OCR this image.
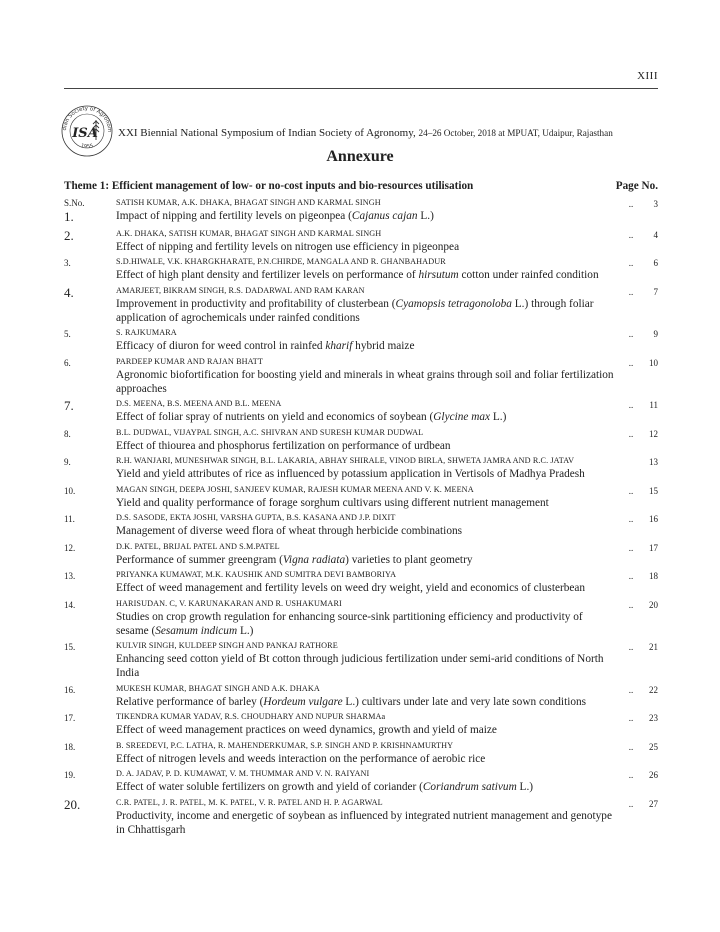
XIII
dian Society of Agronom
1955
ISA XXI Biennial National Symposium of Indian Society of Agronomy, 24–26 October, 2018 at MPUAT, Udaipur, Rajasthan
Annexure
Theme 1: Efficient management of low- or no-cost inputs and bio-resources utilisation	Page No.
S.No.
1.
SATISH KUMAR, A.K. DHAKA, BHAGAT SINGH AND KARMAL SINGH
Impact of nipping and fertility levels on pigeonpea (Cajanus cajan L.)
..	3
2.	A.K. DHAKA, SATISH KUMAR, BHAGAT SINGH AND KARMAL SINGH
Effect of nipping and fertility levels on nitrogen use efficiency in pigeonpea
..	4
3.	S.D.HIWALE, V.K. KHARGKHARATE, P.N.CHIRDE, MANGALA AND R. GHANBAHADUR
Effect of high plant density and fertilizer levels on performance of hirsutum cotton under rainfed condition
..	6
4.	AMARJEET, BIKRAM SINGH, R.S. DADARWAL AND RAM KARAN
Improvement in productivity and profitability of clusterbean (Cyamopsis tetragonoloba L.) through foliar application of agrochemicals under rainfed conditions
..	7
5.	S. RAJKUMARA
Efficacy of diuron for weed control in rainfed kharif hybrid maize
..	9
6.	PARDEEP KUMAR AND RAJAN BHATT
Agronomic biofortification for boosting yield and minerals in wheat grains through soil and foliar fertilization approaches
..	10
7.	D.S. MEENA, B.S. MEENA AND B.L. MEENA
Effect of foliar spray of nutrients on yield and economics of soybean (Glycine max L.)
..	11
8.	B.L. DUDWAL, VIJAYPAL SINGH, A.C. SHIVRAN AND SURESH KUMAR DUDWAL
Effect of thiourea and phosphorus fertilization on performance of urdbean
..	12
9.	R.H. WANJARI, MUNESHWAR SINGH, B.L. LAKARIA, ABHAY SHIRALE, VINOD BIRLA, SHWETA JAMRA AND R.C. JATAV
Yield and yield attributes of rice as influenced by potassium application in Vertisols of Madhya Pradesh
13
10.	MAGAN SINGH, DEEPA JOSHI, SANJEEV KUMAR, RAJESH KUMAR MEENA AND V. K. MEENA
Yield and quality performance of forage sorghum cultivars using different nutrient management
..	15
11.	D.S. SASODE, EKTA JOSHI, VARSHA GUPTA, B.S. KASANA AND J.P. DIXIT
Management of diverse weed flora of wheat through herbicide combinations
..	16
12.	D.K. PATEL, BRIJAL PATEL AND S.M.PATEL
Performance of summer greengram (Vigna radiata) varieties to plant geometry
..	17
13.	PRIYANKA KUMAWAT, M.K. KAUSHIK AND SUMITRA DEVI BAMBORIYA
Effect of weed management and fertility levels on weed dry weight, yield and economics of clusterbean
..	18
14.	HARISUDAN. C, V. KARUNAKARAN AND R. USHAKUMARI
Studies on crop growth regulation for enhancing source-sink partitioning efficiency and productivity of sesame (Sesamum indicum L.)
..	20
15.	KULVIR SINGH, KULDEEP SINGH AND PANKAJ RATHORE
Enhancing seed cotton yield of Bt cotton through judicious fertilization under semi-arid conditions of North India
..	21
16.	MUKESH KUMAR, BHAGAT SINGH AND A.K. DHAKA
Relative performance of barley (Hordeum vulgare L.) cultivars under late and very late sown conditions
..	22
17.	TIKENDRA KUMAR YADAV, R.S. CHOUDHARY AND NUPUR SHARMAa
Effect of weed management practices on weed dynamics, growth and yield of maize
..	23
18.	B. SREEDEVI, P.C. LATHA, R. MAHENDERKUMAR, S.P. SINGH AND P. KRISHNAMURTHY
Effect of nitrogen levels and weeds interaction on the performance of aerobic rice
..	25
19.	D. A. JADAV, P. D. KUMAWAT, V. M. THUMMAR AND V. N. RAIYANI
Effect of water soluble fertilizers on growth and yield of coriander (Coriandrum sativum L.)
..	26
20.	C.R. PATEL, J. R. PATEL, M. K. PATEL, V. R. PATEL AND H. P. AGARWAL
Productivity, income and energetic of soybean as influenced by integrated nutrient management and genotype in Chhattisgarh
..	27
